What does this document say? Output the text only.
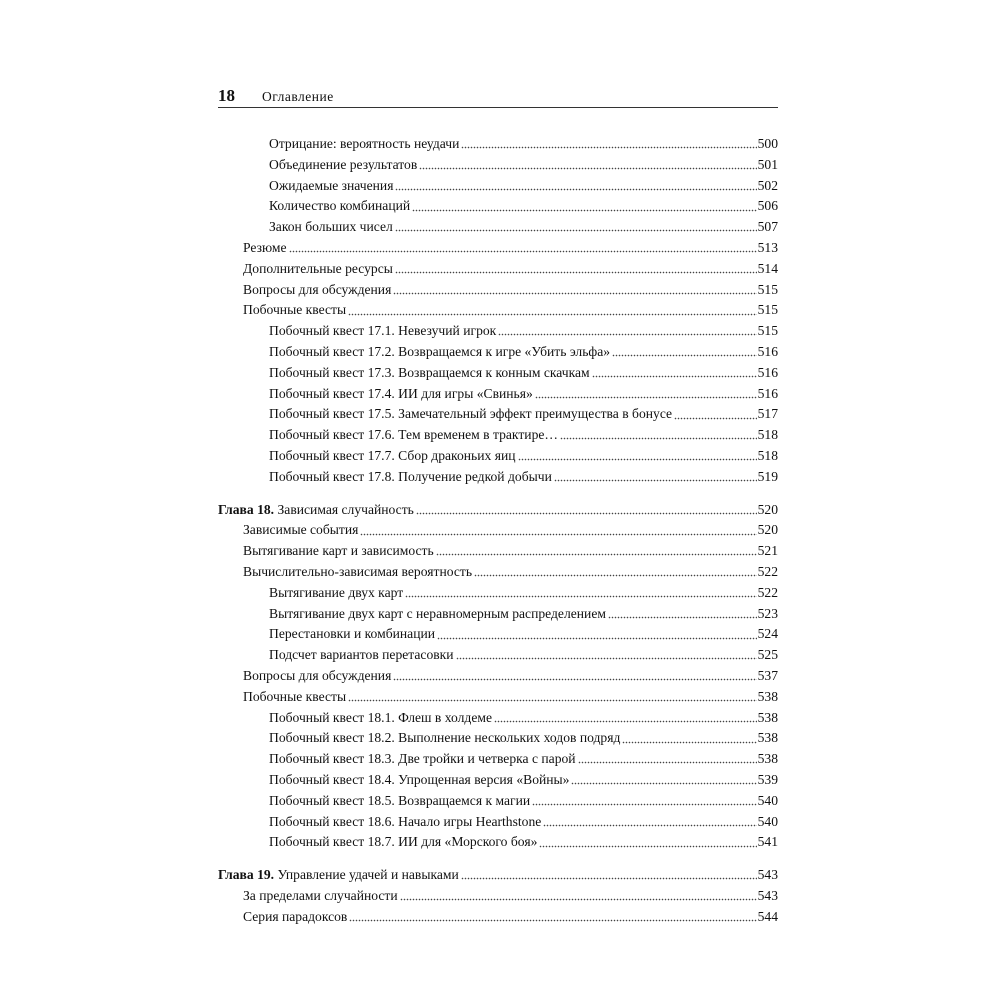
18 Оглавление
Отрицание: вероятность неудачи	500
Объединение результатов	501
Ожидаемые значения	502
Количество комбинаций	506
Закон больших чисел	507
Резюме	513
Дополнительные ресурсы	514
Вопросы для обсуждения	515
Побочные квесты	515
Побочный квест 17.1. Невезучий игрок	515
Побочный квест 17.2. Возвращаемся к игре «Убить эльфа»	516
Побочный квест 17.3. Возвращаемся к конным скачкам	516
Побочный квест 17.4. ИИ для игры «Свинья»	516
Побочный квест 17.5. Замечательный эффект преимущества в бонусе	517
Побочный квест 17.6. Тем временем в трактире…	518
Побочный квест 17.7. Сбор драконьих яиц	518
Побочный квест 17.8. Получение редкой добычи	519
Глава 18. Зависимая случайность	520
Зависимые события	520
Вытягивание карт и зависимость	521
Вычислительно-зависимая вероятность	522
Вытягивание двух карт	522
Вытягивание двух карт с неравномерным распределением	523
Перестановки и комбинации	524
Подсчет вариантов перетасовки	525
Вопросы для обсуждения	537
Побочные квесты	538
Побочный квест 18.1. Флеш в холдеме	538
Побочный квест 18.2. Выполнение нескольких ходов подряд	538
Побочный квест 18.3. Две тройки и четверка с парой	538
Побочный квест 18.4. Упрощенная версия «Войны»	539
Побочный квест 18.5. Возвращаемся к магии	540
Побочный квест 18.6. Начало игры Hearthstone	540
Побочный квест 18.7. ИИ для «Морского боя»	541
Глава 19. Управление удачей и навыками	543
За пределами случайности	543
Серия парадоксов	544
